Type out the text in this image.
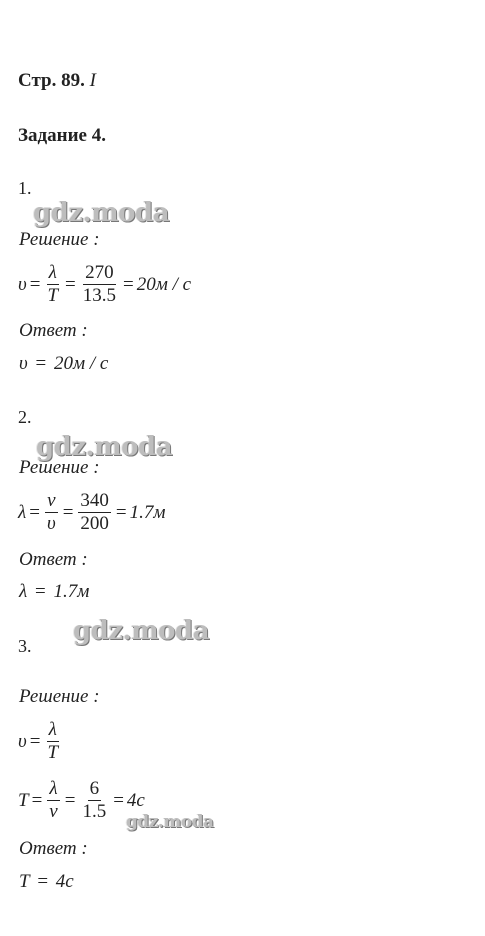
Стр. 89. I
Задание 4.
1.
gdz.moda
Решение :
$\upsilon = \frac{\lambda}{T} = \frac{270}{13.5} = 20м / с$
Ответ :
υ = 20м / с
2.
gdz.moda
Решение :
$\lambda = \frac{v}{\upsilon} = \frac{340}{200} = 1.7м$
Ответ :
λ = 1.7м
gdz.moda
3.
Решение :
$\upsilon = \frac{\lambda}{T}$
$T = \frac{\lambda}{v} = \frac{6}{1.5} = 4с$
gdz.moda
Ответ :
T = 4с
